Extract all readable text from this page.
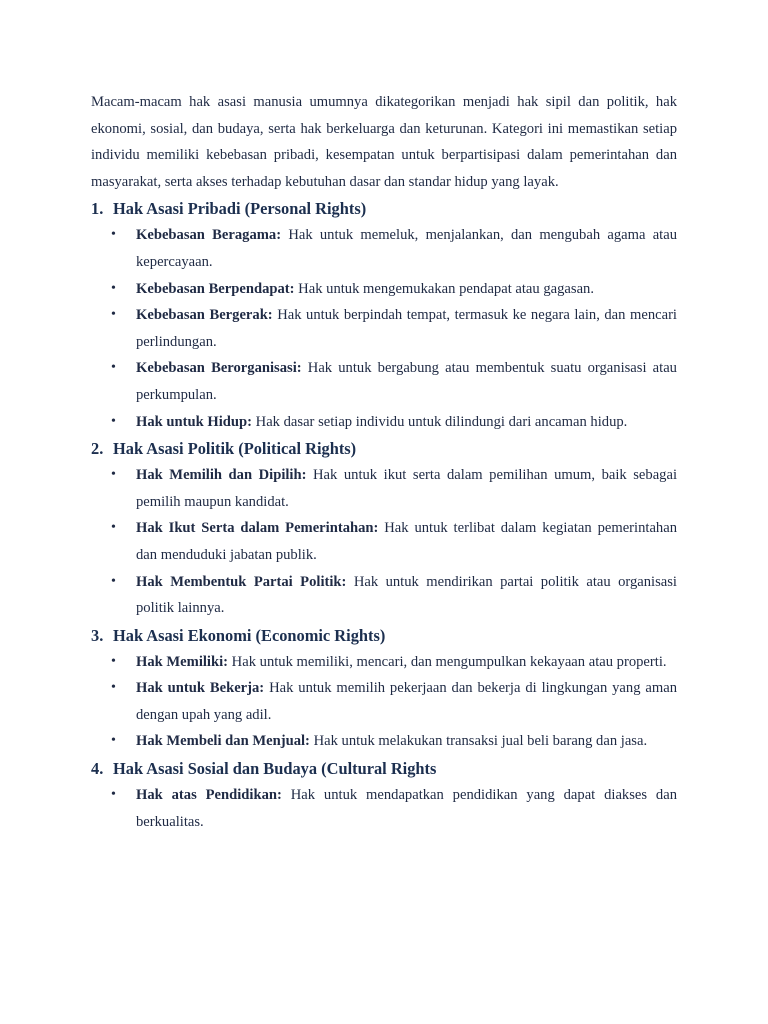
Macam-macam hak asasi manusia umumnya dikategorikan menjadi hak sipil dan politik, hak ekonomi, sosial, dan budaya, serta hak berkeluarga dan keturunan. Kategori ini memastikan setiap individu memiliki kebebasan pribadi, kesempatan untuk berpartisipasi dalam pemerintahan dan masyarakat, serta akses terhadap kebutuhan dasar dan standar hidup yang layak.

1. Hak Asasi Pribadi (Personal Rights)
• Kebebasan Beragama: Hak untuk memeluk, menjalankan, dan mengubah agama atau kepercayaan.
• Kebebasan Berpendapat: Hak untuk mengemukakan pendapat atau gagasan.
• Kebebasan Bergerak: Hak untuk berpindah tempat, termasuk ke negara lain, dan mencari perlindungan.
• Kebebasan Berorganisasi: Hak untuk bergabung atau membentuk suatu organisasi atau perkumpulan.
• Hak untuk Hidup: Hak dasar setiap individu untuk dilindungi dari ancaman hidup.
2. Hak Asasi Politik (Political Rights)
• Hak Memilih dan Dipilih: Hak untuk ikut serta dalam pemilihan umum, baik sebagai pemilih maupun kandidat.
• Hak Ikut Serta dalam Pemerintahan: Hak untuk terlibat dalam kegiatan pemerintahan dan menduduki jabatan publik.
• Hak Membentuk Partai Politik: Hak untuk mendirikan partai politik atau organisasi politik lainnya.
3. Hak Asasi Ekonomi (Economic Rights)
• Hak Memiliki: Hak untuk memiliki, mencari, dan mengumpulkan kekayaan atau properti.
• Hak untuk Bekerja: Hak untuk memilih pekerjaan dan bekerja di lingkungan yang aman dengan upah yang adil.
• Hak Membeli dan Menjual: Hak untuk melakukan transaksi jual beli barang dan jasa.
4. Hak Asasi Sosial dan Budaya (Cultural Rights
• Hak atas Pendidikan: Hak untuk mendapatkan pendidikan yang dapat diakses dan berkualitas.
